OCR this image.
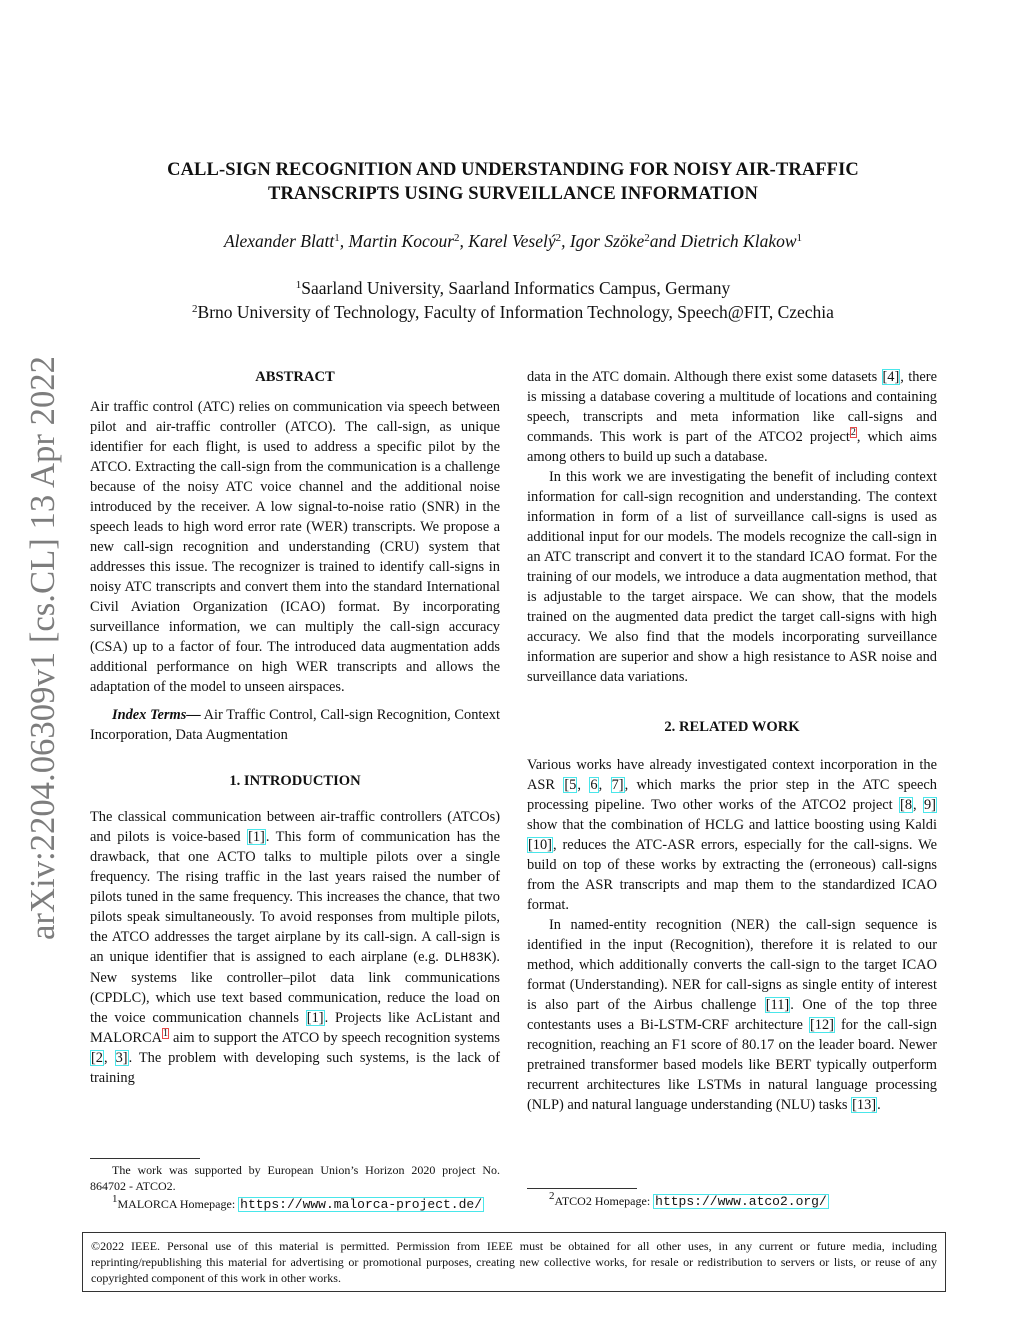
arXiv:2204.06309v1 [cs.CL] 13 Apr 2022
CALL-SIGN RECOGNITION AND UNDERSTANDING FOR NOISY AIR-TRAFFIC
TRANSCRIPTS USING SURVEILLANCE INFORMATION
Alexander Blatt$^1$, Martin Kocour$^2$, Karel Veselý$^2$, Igor Szöke$^2$and Dietrich Klakow$^1$
$^1$Saarland University, Saarland Informatics Campus, Germany
$^2$Brno University of Technology, Faculty of Information Technology, Speech@FIT, Czechia
ABSTRACT

Air traffic control (ATC) relies on communication via speech between pilot and air-traffic controller (ATCO). The call-sign, as unique identifier for each flight, is used to address a specific pilot by the ATCO. Extracting the call-sign from the communication is a challenge because of the noisy ATC voice channel and the additional noise introduced by the receiver. A low signal-to-noise ratio (SNR) in the speech leads to high word error rate (WER) transcripts. We propose a new call-sign recognition and understanding (CRU) system that addresses this issue. The recognizer is trained to identify call-signs in noisy ATC transcripts and convert them into the standard International Civil Aviation Organization (ICAO) format. By incorporating surveillance information, we can multiply the call-sign accuracy (CSA) up to a factor of four. The introduced data augmentation adds additional performance on high WER transcripts and allows the adaptation of the model to unseen airspaces.

Index Terms— Air Traffic Control, Call-sign Recognition, Context Incorporation, Data Augmentation

1. INTRODUCTION

The classical communication between air-traffic controllers (ATCOs) and pilots is voice-based [1]. This form of communication has the drawback, that one ACTO talks to multiple pilots over a single frequency. The rising traffic in the last years raised the number of pilots tuned in the same frequency. This increases the chance, that two pilots speak simultaneously. To avoid responses from multiple pilots, the ATCO addresses the target airplane by its call-sign. A call-sign is an unique identifier that is assigned to each airplane (e.g. DLH83K). New systems like controller–pilot data link communications (CPDLC), which use text based communication, reduce the load on the voice communication channels [1]. Projects like AcListant and MALORCA$^1$ aim to support the ATCO by speech recognition systems [2, 3]. The problem with developing such systems, is the lack of training

data in the ATC domain. Although there exist some datasets [4], there is missing a database covering a multitude of locations and containing speech, transcripts and meta information like call-signs and commands. This work is part of the ATCO2 project$^2$, which aims among others to build up such a database.

In this work we are investigating the benefit of including context information for call-sign recognition and understanding. The context information in form of a list of surveillance call-signs is used as additional input for our models. The models recognize the call-sign in an ATC transcript and convert it to the standard ICAO format. For the training of our models, we introduce a data augmentation method, that is adjustable to the target airspace. We can show, that the models trained on the augmented data predict the target call-signs with high accuracy. We also find that the models incorporating surveillance information are superior and show a high resistance to ASR noise and surveillance data variations.

2. RELATED WORK

Various works have already investigated context incorporation in the ASR [5, 6, 7], which marks the prior step in the ATC speech processing pipeline. Two other works of the ATCO2 project [8, 9] show that the combination of HCLG and lattice boosting using Kaldi [10], reduces the ATC-ASR errors, especially for the call-signs. We build on top of these works by extracting the (erroneous) call-signs from the ASR transcripts and map them to the standardized ICAO format.

In named-entity recognition (NER) the call-sign sequence is identified in the input (Recognition), therefore it is related to our method, which additionally converts the call-sign to the target ICAO format (Understanding). NER for call-signs as single entity of interest is also part of the Airbus challenge [11]. One of the top three contestants uses a Bi-LSTM-CRF architecture [12] for the call-sign recognition, reaching an F1 score of 80.17 on the leader board. Newer pretrained transformer based models like BERT typically outperform recurrent architectures like LSTMs in natural language processing (NLP) and natural language understanding (NLU) tasks [13].

The work was supported by European Union’s Horizon 2020 project No. 864702 - ATCO2.

$^1$MALORCA Homepage: https://www.malorca-project.de/

$^2$ATCO2 Homepage: https://www.atco2.org/

©2022 IEEE. Personal use of this material is permitted. Permission from IEEE must be obtained for all other uses, in any current or future media, including reprinting/republishing this material for advertising or promotional purposes, creating new collective works, for resale or redistribution to servers or lists, or reuse of any copyrighted component of this work in other works.
